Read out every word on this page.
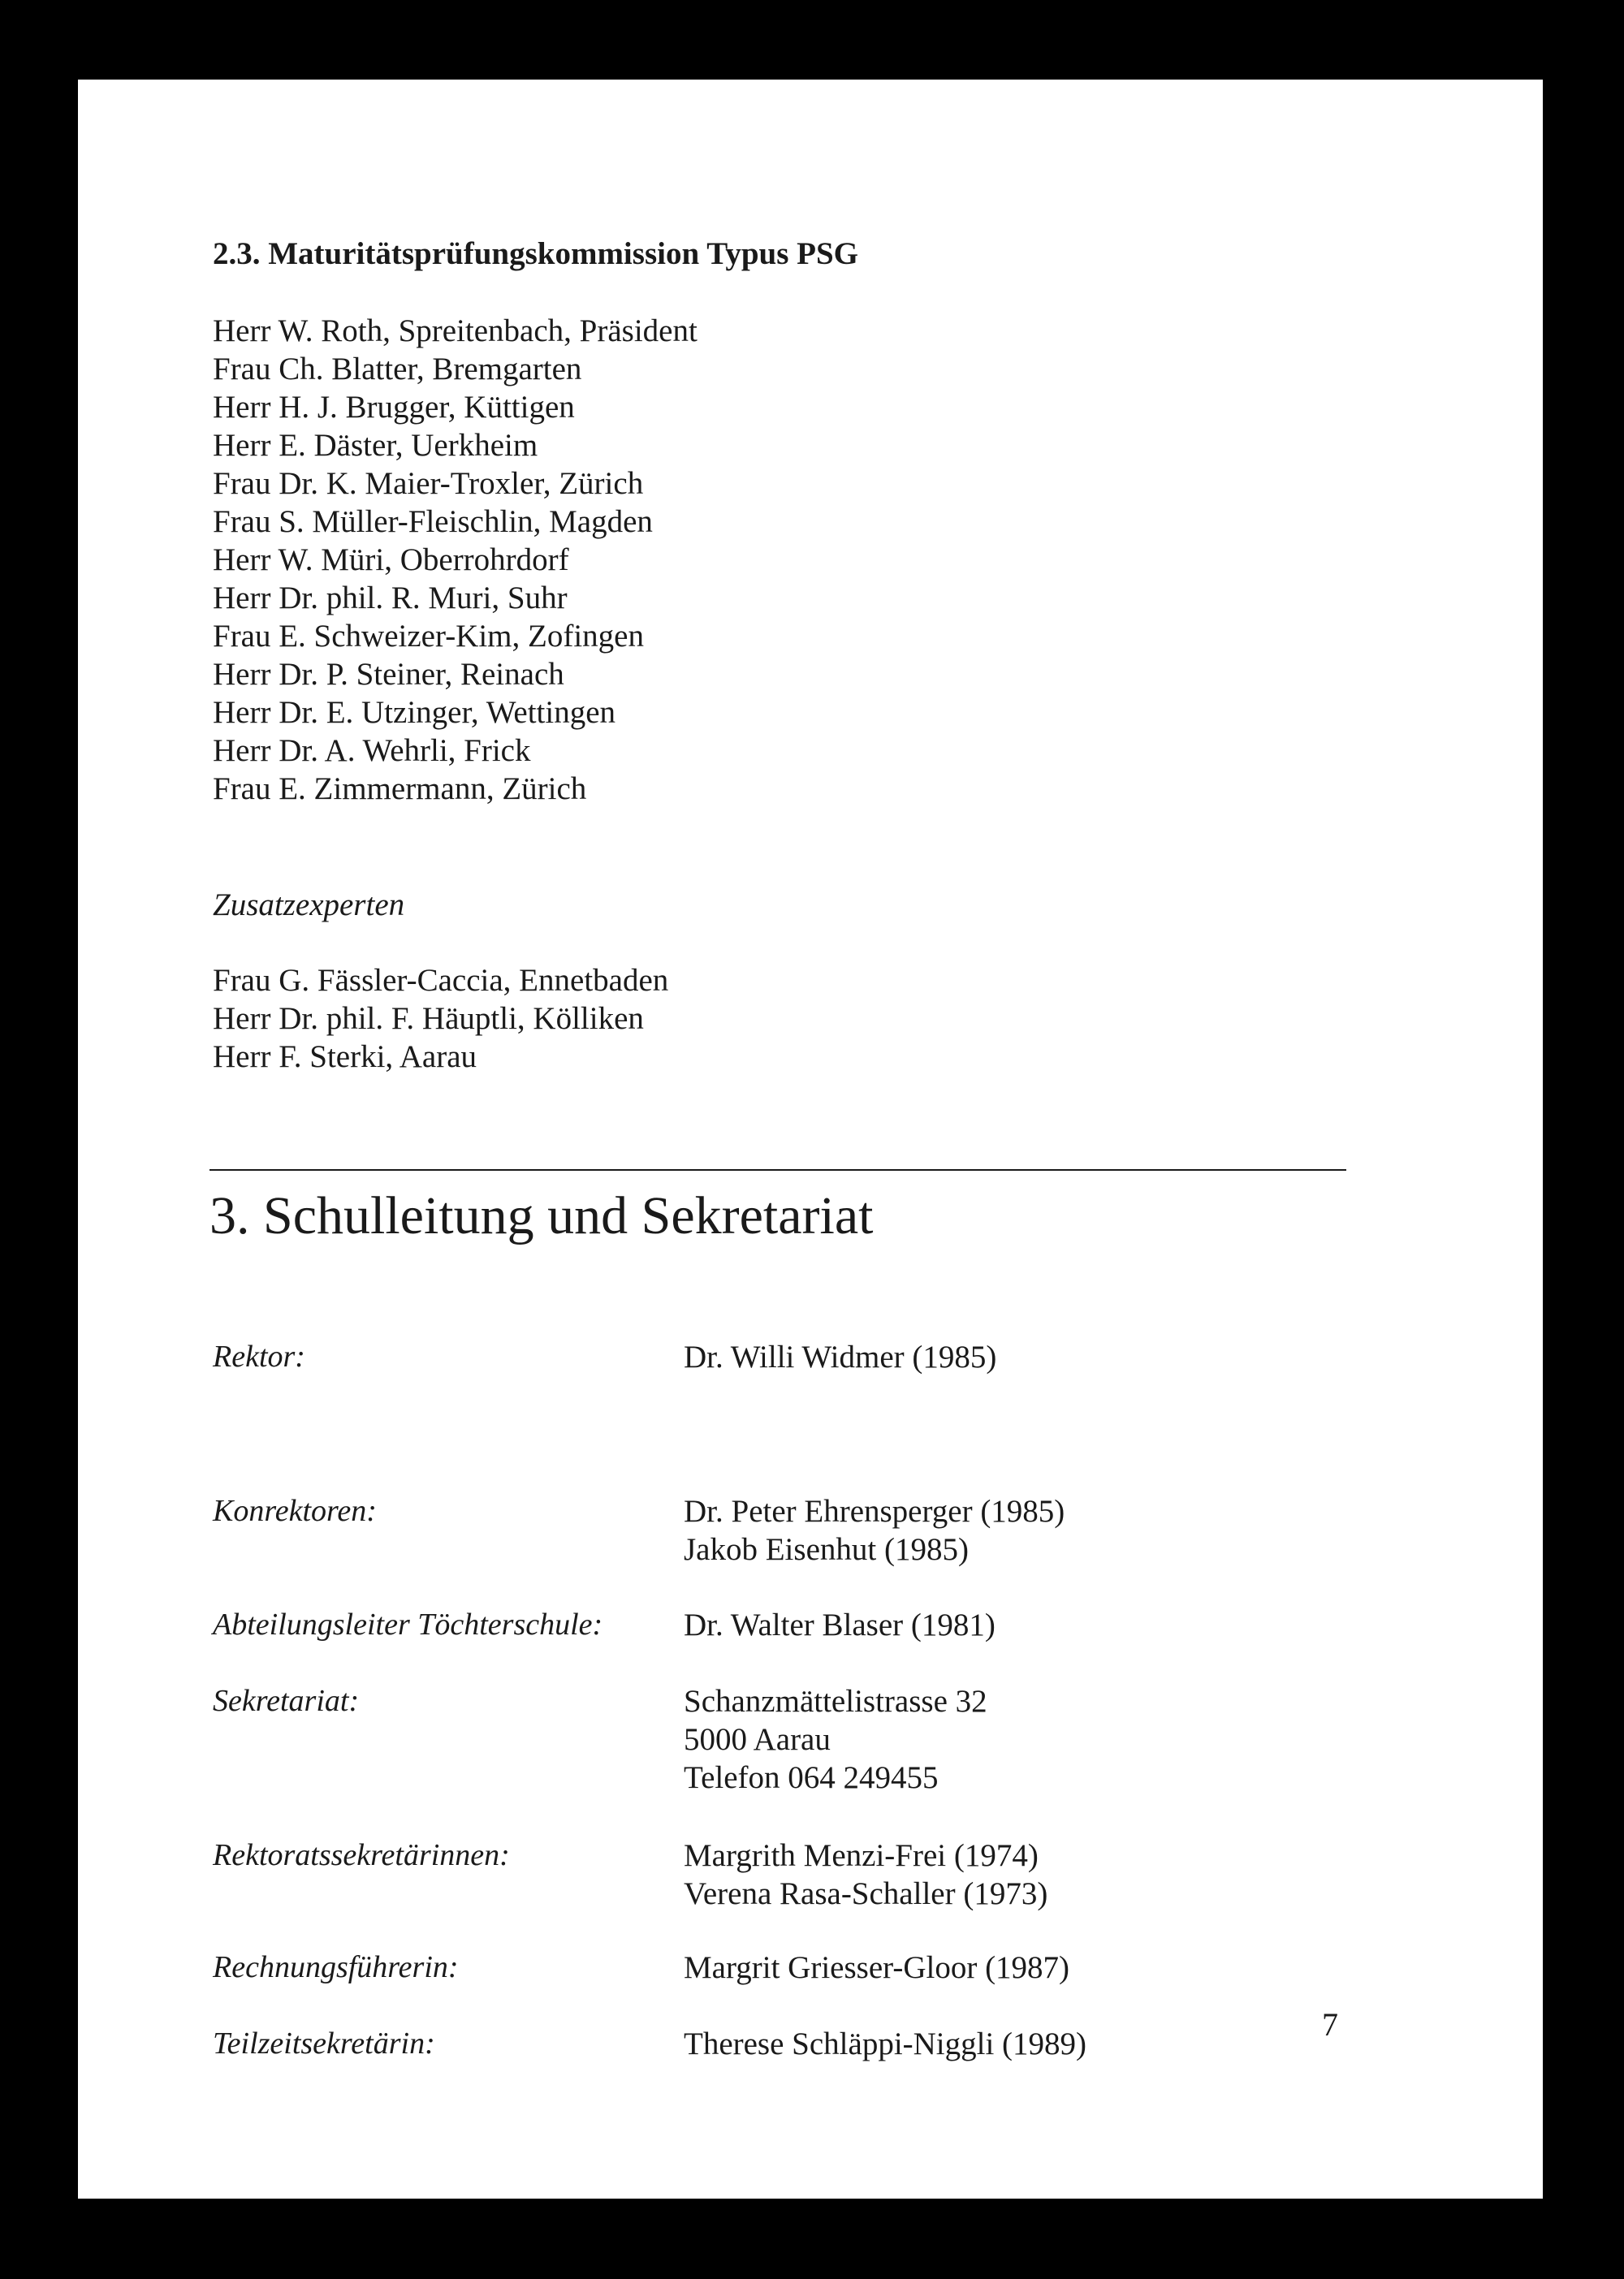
2.3. Maturitätsprüfungskommission Typus PSG
Herr W. Roth, Spreitenbach, Präsident
Frau Ch. Blatter, Bremgarten
Herr H. J. Brugger, Küttigen
Herr E. Däster, Uerkheim
Frau Dr. K. Maier-Troxler, Zürich
Frau S. Müller-Fleischlin, Magden
Herr W. Müri, Oberrohrdorf
Herr Dr. phil. R. Muri, Suhr
Frau E. Schweizer-Kim, Zofingen
Herr Dr. P. Steiner, Reinach
Herr Dr. E. Utzinger, Wettingen
Herr Dr. A. Wehrli, Frick
Frau E. Zimmermann, Zürich
Zusatzexperten
Frau G. Fässler-Caccia, Ennetbaden
Herr Dr. phil. F. Häuptli, Kölliken
Herr F. Sterki, Aarau
3. Schulleitung und Sekretariat
Rektor:	Dr. Willi Widmer (1985)
Konrektoren:	Dr. Peter Ehrensperger (1985)
Jakob Eisenhut (1985)
Abteilungsleiter Töchterschule:	Dr. Walter Blaser (1981)
Sekretariat:	Schanzmättelistrasse 32
5000 Aarau
Telefon 064 249455
Rektoratssekretärinnen:	Margrith Menzi-Frei (1974)
Verena Rasa-Schaller (1973)
Rechnungsführerin:	Margrit Griesser-Gloor (1987)
Teilzeitsekretärin:	Therese Schläppi-Niggli (1989)
7
